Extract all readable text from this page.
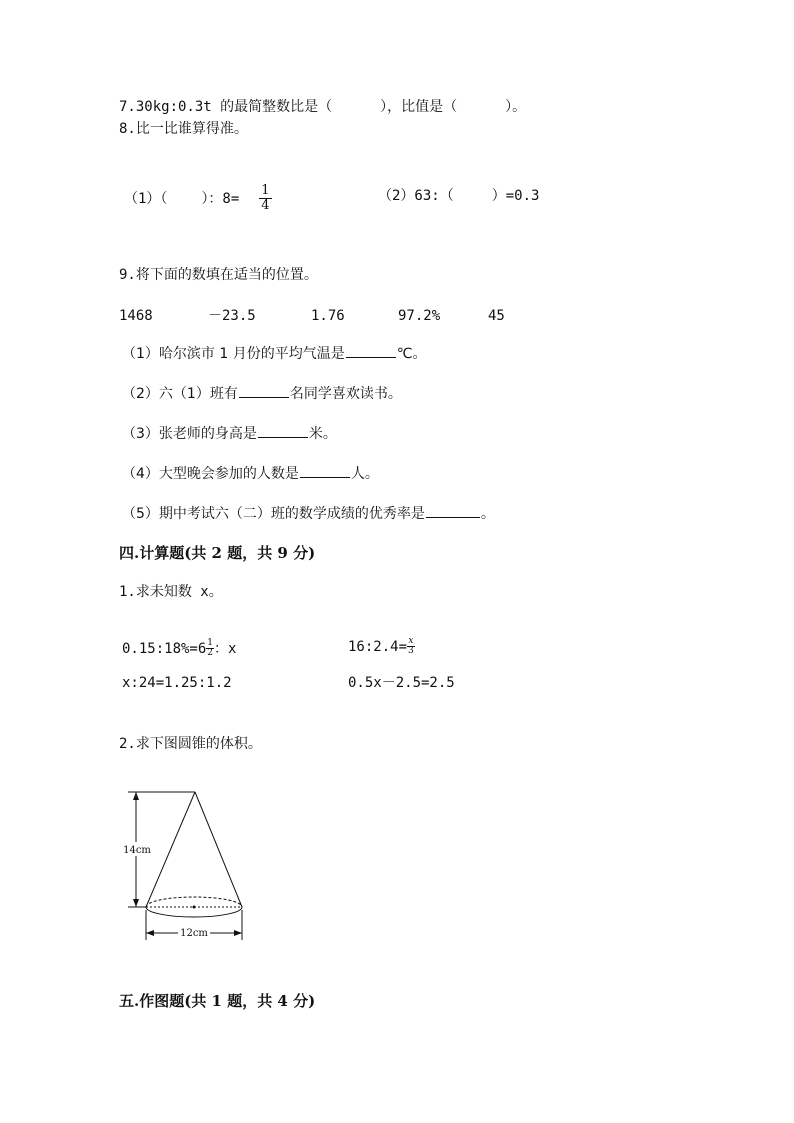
7.30kg:0.3t 的最简整数比是（	），比值是（	）。
8.比一比谁算得准。
（1）（ ）：$8= \frac{1}{4}$	（2）63:（	）=0.3
9.将下面的数填在适当的位置。
1468	－23.5	1.76	97.2%	45
（1）哈尔滨市 1 月份的平均气温是	℃。
（2）六（1）班有	名同学喜欢读书。
（3）张老师的身高是	米。
（4）大型晚会参加的人数是	人。
（5）期中考试六（二）班的数学成绩的优秀率是	。
四.计算题(共 2 题，共 9 分)
1.求未知数 x。
0.15:18%=6 $\frac{1}{2}$ ：x	16:2.4= $\frac{x}{3}$
x:24=1.25:1.2	0.5x－2.5=2.5
2.求下图圆锥的体积。
14cm
12cm
五.作图题(共 1 题，共 4 分)
